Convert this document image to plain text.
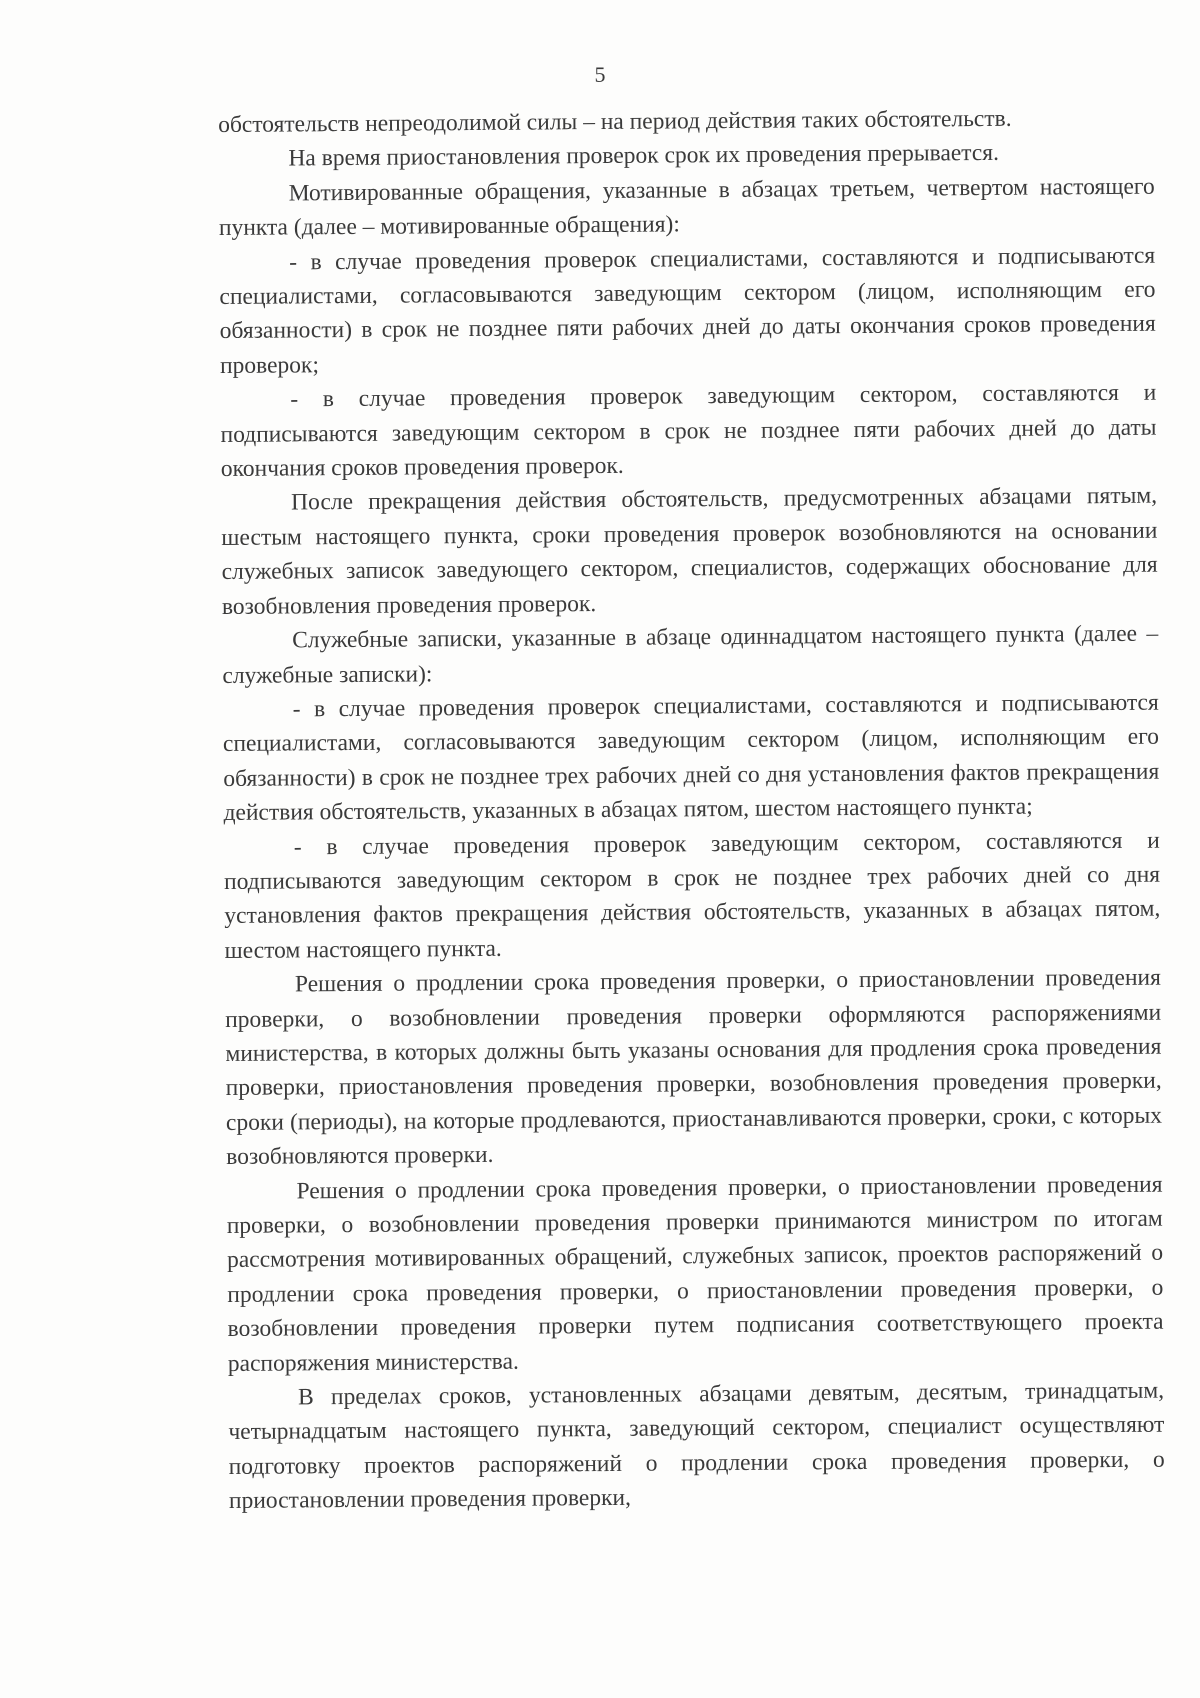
5

обстоятельств непреодолимой силы – на период действия таких обстоятельств.

На время приостановления проверок срок их проведения прерывается.

Мотивированные обращения, указанные в абзацах третьем, четвертом настоящего пункта (далее – мотивированные обращения):

- в случае проведения проверок специалистами, составляются и подписываются специалистами, согласовываются заведующим сектором (лицом, исполняющим его обязанности) в срок не позднее пяти рабочих дней до даты окончания сроков проведения проверок;

- в случае проведения проверок заведующим сектором, составляются и подписываются заведующим сектором в срок не позднее пяти рабочих дней до даты окончания сроков проведения проверок.

После прекращения действия обстоятельств, предусмотренных абзацами пятым, шестым настоящего пункта, сроки проведения проверок возобновляются на основании служебных записок заведующего сектором, специалистов, содержащих обоснование для возобновления проведения проверок.

Служебные записки, указанные в абзаце одиннадцатом настоящего пункта (далее – служебные записки):

- в случае проведения проверок специалистами, составляются и подписываются специалистами, согласовываются заведующим сектором (лицом, исполняющим его обязанности) в срок не позднее трех рабочих дней со дня установления фактов прекращения действия обстоятельств, указанных в абзацах пятом, шестом настоящего пункта;

- в случае проведения проверок заведующим сектором, составляются и подписываются заведующим сектором в срок не позднее трех рабочих дней со дня установления фактов прекращения действия обстоятельств, указанных в абзацах пятом, шестом настоящего пункта.

Решения о продлении срока проведения проверки, о приостановлении проведения проверки, о возобновлении проведения проверки оформляются распоряжениями министерства, в которых должны быть указаны основания для продления срока проведения проверки, приостановления проведения проверки, возобновления проведения проверки, сроки (периоды), на которые продлеваются, приостанавливаются проверки, сроки, с которых возобновляются проверки.

Решения о продлении срока проведения проверки, о приостановлении проведения проверки, о возобновлении проведения проверки принимаются министром по итогам рассмотрения мотивированных обращений, служебных записок, проектов распоряжений о продлении срока проведения проверки, о приостановлении проведения проверки, о возобновлении проведения проверки путем подписания соответствующего проекта распоряжения министерства.

В пределах сроков, установленных абзацами девятым, десятым, тринадцатым, четырнадцатым настоящего пункта, заведующий сектором, специалист осуществляют подготовку проектов распоряжений о продлении срока проведения проверки, о приостановлении проведения проверки,
